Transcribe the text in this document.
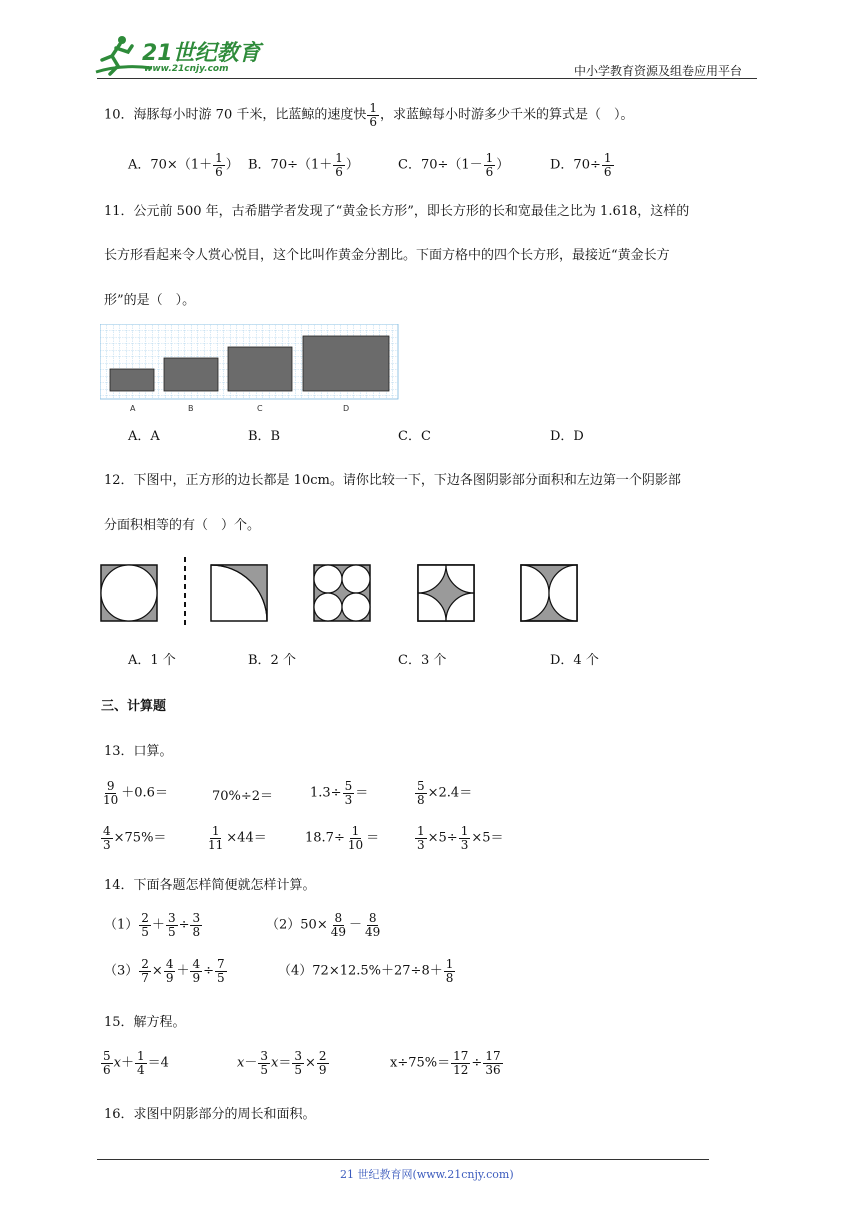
21世纪教育
www.21cnjy.com	中小学教育资源及组卷应用平台
10．海豚每小时游 70 千米，比蓝鲸的速度快 $\frac{1}{6}$ ，求蓝鲸每小时游多少千米的算式是（　）。
A．$70\times(1+ \frac{1}{6}$ ） B．$70\div(1+ \frac{1}{6}$ ）	C．$70\div(1- \frac{1}{6}$ ）	D．$70\div \frac{1}{6}$
11．公元前 500 年，古希腊学者发现了“黄金长方形”，即长方形的长和宽最佳之比为 1.618，这样的
长方形看起来令人赏心悦目，这个比叫作黄金分割比。下面方格中的四个长方形，最接近“黄金长方
形”的是（　）。
A	B	C	D
A．A	B．B	C．C	D．D
12．下图中，正方形的边长都是 10cm。请你比较一下，下边各图阴影部分面积和左边第一个阴影部
分面积相等的有（　）个。
A．1 个	B．2 个	C．3 个	D．4 个
三、计算题
13．口算。
$\frac{9}{10} +0.6=$	70%÷2＝	$1.3\div \frac{5}{3}$ ＝	$\frac{5}{8} \times 2.4=$
$\frac{4}{3} \times 75\%=$	$\frac{1}{11} \times 44=$	$18.7\div \frac{1}{10}$ ＝	$\frac{1}{3} \times 5\div \frac{1}{3} \times 5=$
14．下面各题怎样简便就怎样计算。
$(1) \frac{2}{5} + \frac{3}{5} \div \frac{3}{8}$	$(2)50\times \frac{8}{49} - \frac{8}{49}$
$(3) \frac{2}{7} \times \frac{4}{9} + \frac{4}{9} \div \frac{7}{5}$	$(4)72\times 12.5\%+27\div 8+ \frac{1}{8}$
15．解方程。
$\frac{5}{6} x+ \frac{1}{4} =4$	$x- \frac{3}{5} x= \frac{3}{5} \times \frac{2}{9}$	$x\div 75\%= \frac{17}{12} \div \frac{17}{36}$
16．求图中阴影部分的周长和面积。
21 世纪教育网(www.21cnjy.com)
